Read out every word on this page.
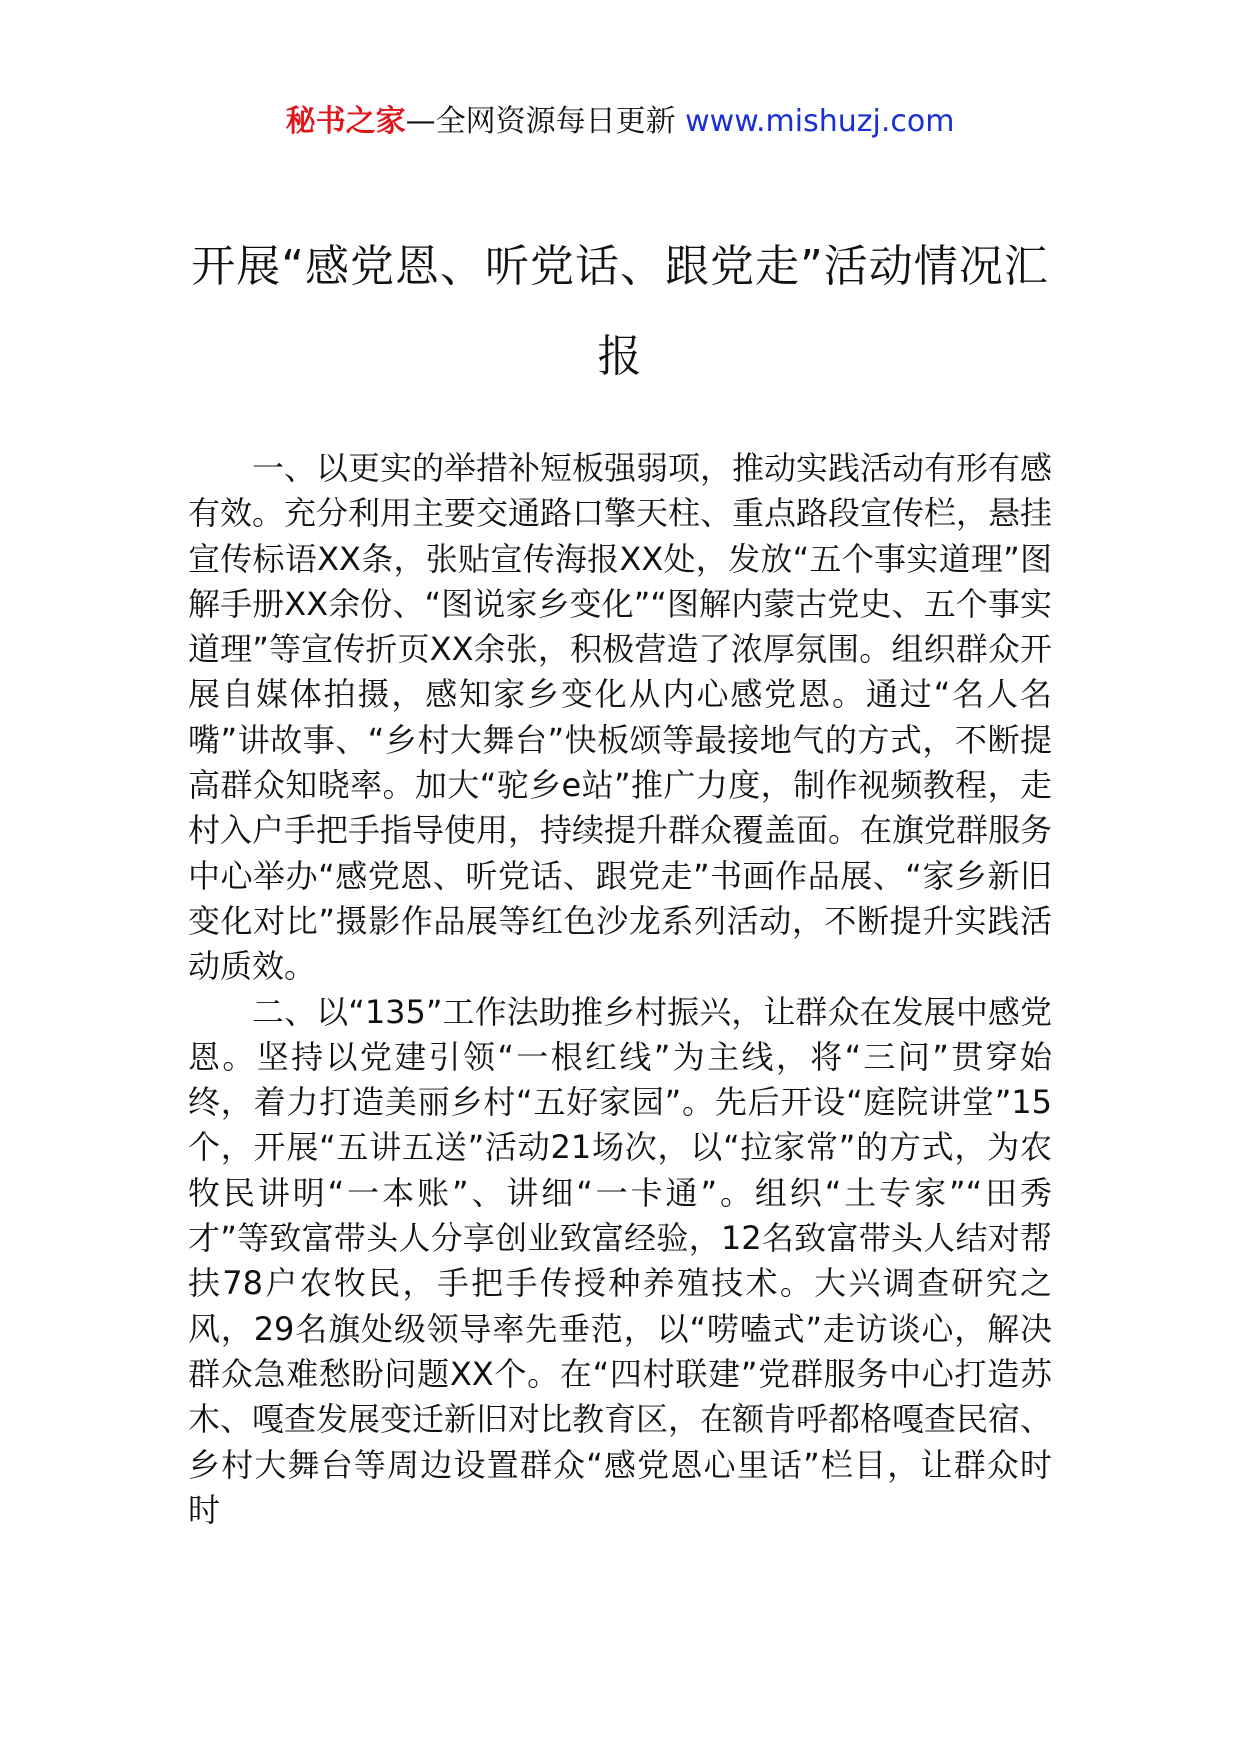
秘书之家—全网资源每日更新 www.mishuzj.com
开展“感党恩、听党话、跟党走”活动情况汇报

一、以更实的举措补短板强弱项，推动实践活动有形有感有效。充分利用主要交通路口擎天柱、重点路段宣传栏，悬挂宣传标语XX条，张贴宣传海报XX处，发放“五个事实道理”图解手册XX余份、“图说家乡变化”“图解内蒙古党史、五个事实道理”等宣传折页XX余张，积极营造了浓厚氛围。组织群众开展自媒体拍摄，感知家乡变化从内心感党恩。通过“名人名嘴”讲故事、“乡村大舞台”快板颂等最接地气的方式，不断提高群众知晓率。加大“驼乡e站”推广力度，制作视频教程，走村入户手把手指导使用，持续提升群众覆盖面。在旗党群服务中心举办“感党恩、听党话、跟党走”书画作品展、“家乡新旧变化对比”摄影作品展等红色沙龙系列活动，不断提升实践活动质效。

二、以“135”工作法助推乡村振兴，让群众在发展中感党恩。坚持以党建引领“一根红线”为主线，将“三问”贯穿始终，着力打造美丽乡村“五好家园”。先后开设“庭院讲堂”15个，开展“五讲五送”活动21场次，以“拉家常”的方式，为农牧民讲明“一本账”、讲细“一卡通”。组织“土专家”“田秀才”等致富带头人分享创业致富经验，12名致富带头人结对帮扶78户农牧民，手把手传授种养殖技术。大兴调查研究之风，29名旗处级领导率先垂范，以“唠嗑式”走访谈心，解决群众急难愁盼问题XX个。在“四村联建”党群服务中心打造苏木、嘎查发展变迁新旧对比教育区，在额肯呼都格嘎查民宿、乡村大舞台等周边设置群众“感党恩心里话”栏目，让群众时时
